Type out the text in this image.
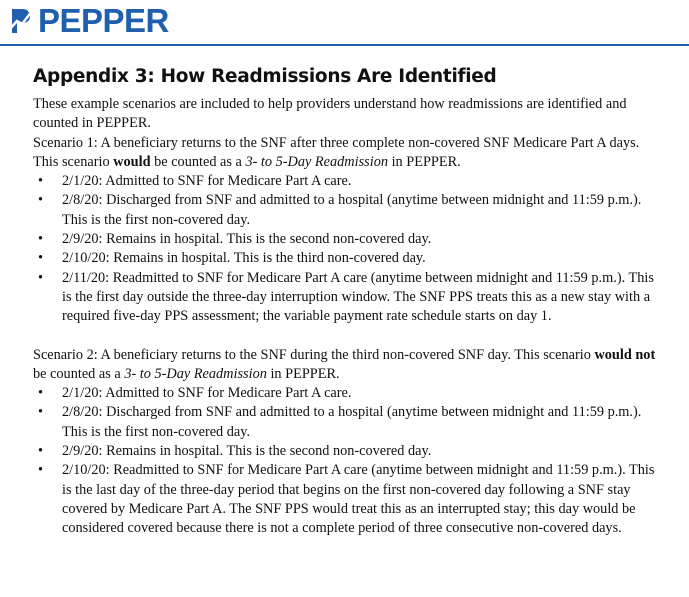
PEPPER
Appendix 3: How Readmissions Are Identified

These example scenarios are included to help providers understand how readmissions are identified and counted in PEPPER.

Scenario 1: A beneficiary returns to the SNF after three complete non-covered SNF Medicare Part A days. This scenario would be counted as a 3- to 5-Day Readmission in PEPPER.

• 2/1/20: Admitted to SNF for Medicare Part A care.
• 2/8/20: Discharged from SNF and admitted to a hospital (anytime between midnight and 11:59 p.m.). This is the first non-covered day.
• 2/9/20: Remains in hospital. This is the second non-covered day.
• 2/10/20: Remains in hospital. This is the third non-covered day.
• 2/11/20: Readmitted to SNF for Medicare Part A care (anytime between midnight and 11:59 p.m.). This is the first day outside the three-day interruption window. The SNF PPS treats this as a new stay with a required five-day PPS assessment; the variable payment rate schedule starts on day 1.

Scenario 2: A beneficiary returns to the SNF during the third non-covered SNF day. This scenario would not be counted as a 3- to 5-Day Readmission in PEPPER.

• 2/1/20: Admitted to SNF for Medicare Part A care.
• 2/8/20: Discharged from SNF and admitted to a hospital (anytime between midnight and 11:59 p.m.). This is the first non-covered day.
• 2/9/20: Remains in hospital. This is the second non-covered day.
• 2/10/20: Readmitted to SNF for Medicare Part A care (anytime between midnight and 11:59 p.m.). This is the last day of the three-day period that begins on the first non-covered day following a SNF stay covered by Medicare Part A. The SNF PPS would treat this as an interrupted stay; this day would be considered covered because there is not a complete period of three consecutive non-covered days.
